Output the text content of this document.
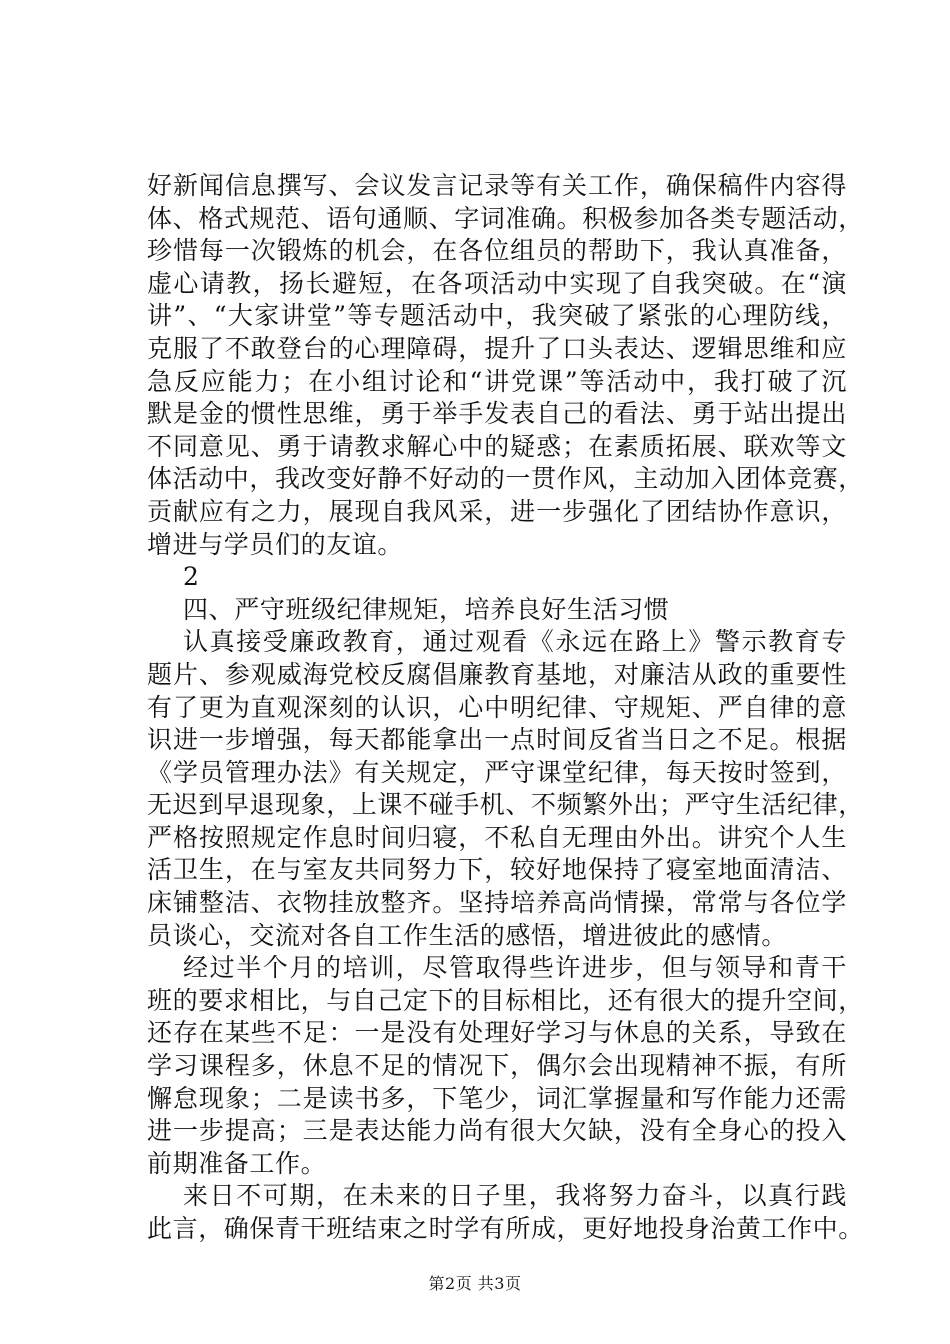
好新闻信息撰写、会议发言记录等有关工作，确保稿件内容得
体、格式规范、语句通顺、字词准确。积极参加各类专题活动，
珍惜每一次锻炼的机会，在各位组员的帮助下，我认真准备，
虚心请教，扬长避短，在各项活动中实现了自我突破。在“演
讲”、“大家讲堂”等专题活动中，我突破了紧张的心理防线，
克服了不敢登台的心理障碍，提升了口头表达、逻辑思维和应
急反应能力；在小组讨论和“讲党课”等活动中，我打破了沉
默是金的惯性思维，勇于举手发表自己的看法、勇于站出提出
不同意见、勇于请教求解心中的疑惑；在素质拓展、联欢等文
体活动中，我改变好静不好动的一贯作风，主动加入团体竞赛，
贡献应有之力，展现自我风采，进一步强化了团结协作意识，
增进与学员们的友谊。
2
四、严守班级纪律规矩，培养良好生活习惯
认真接受廉政教育，通过观看《永远在路上》警示教育专
题片、参观威海党校反腐倡廉教育基地，对廉洁从政的重要性
有了更为直观深刻的认识，心中明纪律、守规矩、严自律的意
识进一步增强，每天都能拿出一点时间反省当日之不足。根据
《学员管理办法》有关规定，严守课堂纪律，每天按时签到，
无迟到早退现象，上课不碰手机、不频繁外出；严守生活纪律，
严格按照规定作息时间归寝，不私自无理由外出。讲究个人生
活卫生，在与室友共同努力下，较好地保持了寝室地面清洁、
床铺整洁、衣物挂放整齐。坚持培养高尚情操，常常与各位学
员谈心，交流对各自工作生活的感悟，增进彼此的感情。
经过半个月的培训，尽管取得些许进步，但与领导和青干
班的要求相比，与自己定下的目标相比，还有很大的提升空间，
还存在某些不足：一是没有处理好学习与休息的关系，导致在
学习课程多，休息不足的情况下，偶尔会出现精神不振，有所
懈怠现象；二是读书多，下笔少，词汇掌握量和写作能力还需
进一步提高；三是表达能力尚有很大欠缺，没有全身心的投入
前期准备工作。
来日不可期，在未来的日子里，我将努力奋斗，以真行践
此言，确保青干班结束之时学有所成，更好地投身治黄工作中。
第2页 共3页
